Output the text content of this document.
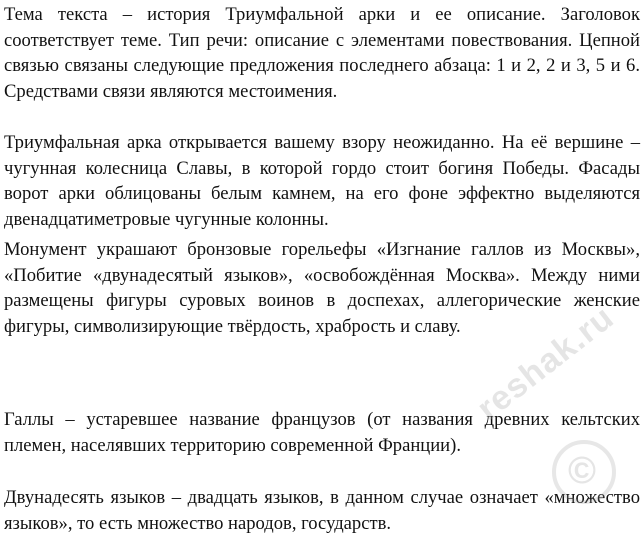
Тема текста – история Триумфальной арки и ее описание. Заголовок соответствует теме. Тип речи: описание с элементами повествования. Цепной связью связаны следующие предложения последнего абзаца: 1 и 2, 2 и 3, 5 и 6. Средствами связи являются местоимения.

Триумфальная арка открывается вашему взору неожиданно. На её вершине – чугунная колесница Славы, в которой гордо стоит богиня Победы. Фасады ворот арки облицованы белым камнем, на его фоне эффектно выделяются двенадцатиметровые чугунные колонны.

Монумент украшают бронзовые горельефы «Изгнание галлов из Москвы», «Побитие «двунадесятый языков», «освобождённая Москва». Между ними размещены фигуры суровых воинов в доспехах, аллегорические женские фигуры, символизирующие твёрдость, храбрость и славу.

Галлы – устаревшее название французов (от названия древних кельтских племен, населявших территорию современной Франции).

Двунадесять языков – двадцать языков, в данном случае означает «множество языков», то есть множество народов, государств.

reshak.ru
©
